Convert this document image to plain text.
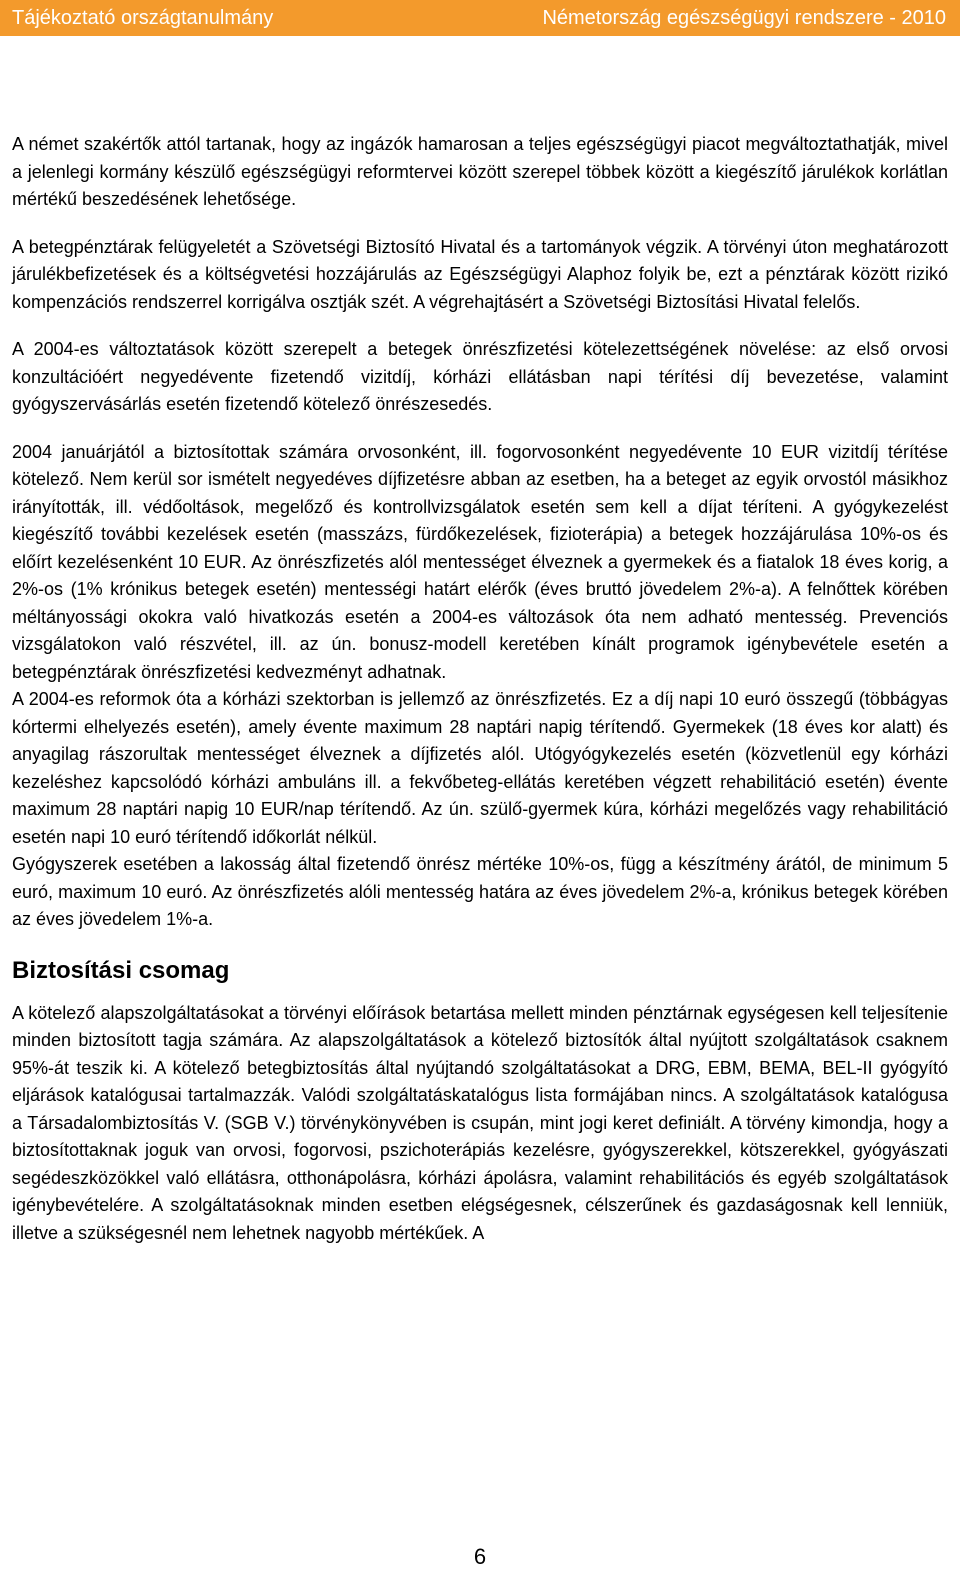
Tájékoztató országtanulmány	Németország egészségügyi rendszere - 2010

A német szakértők attól tartanak, hogy az ingázók hamarosan a teljes egészségügyi piacot megváltoztathatják, mivel a jelenlegi kormány készülő egészségügyi reformtervei között szerepel többek között a kiegészítő járulékok korlátlan mértékű beszedésének lehetősége.

A betegpénztárak felügyeletét a Szövetségi Biztosító Hivatal és a tartományok végzik. A törvényi úton meghatározott járulékbefizetések és a költségvetési hozzájárulás az Egészségügyi Alaphoz folyik be, ezt a pénztárak között rizikó kompenzációs rendszerrel korrigálva osztják szét. A végrehajtásért a Szövetségi Biztosítási Hivatal felelős.

A 2004-es változtatások között szerepelt a betegek önrészfizetési kötelezettségének növelése: az első orvosi konzultációért negyedévente fizetendő vizitdíj, kórházi ellátásban napi térítési díj bevezetése, valamint gyógyszervásárlás esetén fizetendő kötelező önrészesedés.

2004 januárjától a biztosítottak számára orvosonként, ill. fogorvosonként negyedévente 10 EUR vizitdíj térítése kötelező. Nem kerül sor ismételt negyedéves díjfizetésre abban az esetben, ha a beteget az egyik orvostól másikhoz irányították, ill. védőoltások, megelőző és kontrollvizsgálatok esetén sem kell a díjat téríteni. A gyógykezelést kiegészítő további kezelések esetén (masszázs, fürdőkezelések, fizioterápia) a betegek hozzájárulása 10%-os és előírt kezelésenként 10 EUR. Az önrészfizetés alól mentességet élveznek a gyermekek és a fiatalok 18 éves korig, a 2%-os (1% krónikus betegek esetén) mentességi határt elérők (éves bruttó jövedelem 2%-a). A felnőttek körében méltányossági okokra való hivatkozás esetén a 2004-es változások óta nem adható mentesség. Prevenciós vizsgálatokon való részvétel, ill. az ún. bonusz-modell keretében kínált programok igénybevétele esetén a betegpénztárak önrészfizetési kedvezményt adhatnak.

A 2004-es reformok óta a kórházi szektorban is jellemző az önrészfizetés. Ez a díj napi 10 euró összegű (többágyas kórtermi elhelyezés esetén), amely évente maximum 28 naptári napig térítendő. Gyermekek (18 éves kor alatt) és anyagilag rászorultak mentességet élveznek a díjfizetés alól. Utógyógykezelés esetén (közvetlenül egy kórházi kezeléshez kapcsolódó kórházi ambuláns ill. a fekvőbeteg-ellátás keretében végzett rehabilitáció esetén) évente maximum 28 naptári napig 10 EUR/nap térítendő. Az ún. szülő-gyermek kúra, kórházi megelőzés vagy rehabilitáció esetén napi 10 euró térítendő időkorlát nélkül.

Gyógyszerek esetében a lakosság által fizetendő önrész mértéke 10%-os, függ a készítmény árától, de minimum 5 euró, maximum 10 euró. Az önrészfizetés alóli mentesség határa az éves jövedelem 2%-a, krónikus betegek körében az éves jövedelem 1%-a.

Biztosítási csomag

A kötelező alapszolgáltatásokat a törvényi előírások betartása mellett minden pénztárnak egységesen kell teljesítenie minden biztosított tagja számára. Az alapszolgáltatások a kötelező biztosítók által nyújtott szolgáltatások csaknem 95%-át teszik ki. A kötelező betegbiztosítás által nyújtandó szolgáltatásokat a DRG, EBM, BEMA, BEL-II gyógyító eljárások katalógusai tartalmazzák. Valódi szolgáltatáskatalógus lista formájában nincs. A szolgáltatások katalógusa a Társadalombiztosítás V. (SGB V.) törvénykönyvében is csupán, mint jogi keret definiált. A törvény kimondja, hogy a biztosítottaknak joguk van orvosi, fogorvosi, pszichoterápiás kezelésre, gyógyszerekkel, kötszerekkel, gyógyászati segédeszközökkel való ellátásra, otthonápolásra, kórházi ápolásra, valamint rehabilitációs és egyéb szolgáltatások igénybevételére. A szolgáltatásoknak minden esetben elégségesnek, célszerűnek és gazdaságosnak kell lenniük, illetve a szükségesnél nem lehetnek nagyobb mértékűek. A

6
